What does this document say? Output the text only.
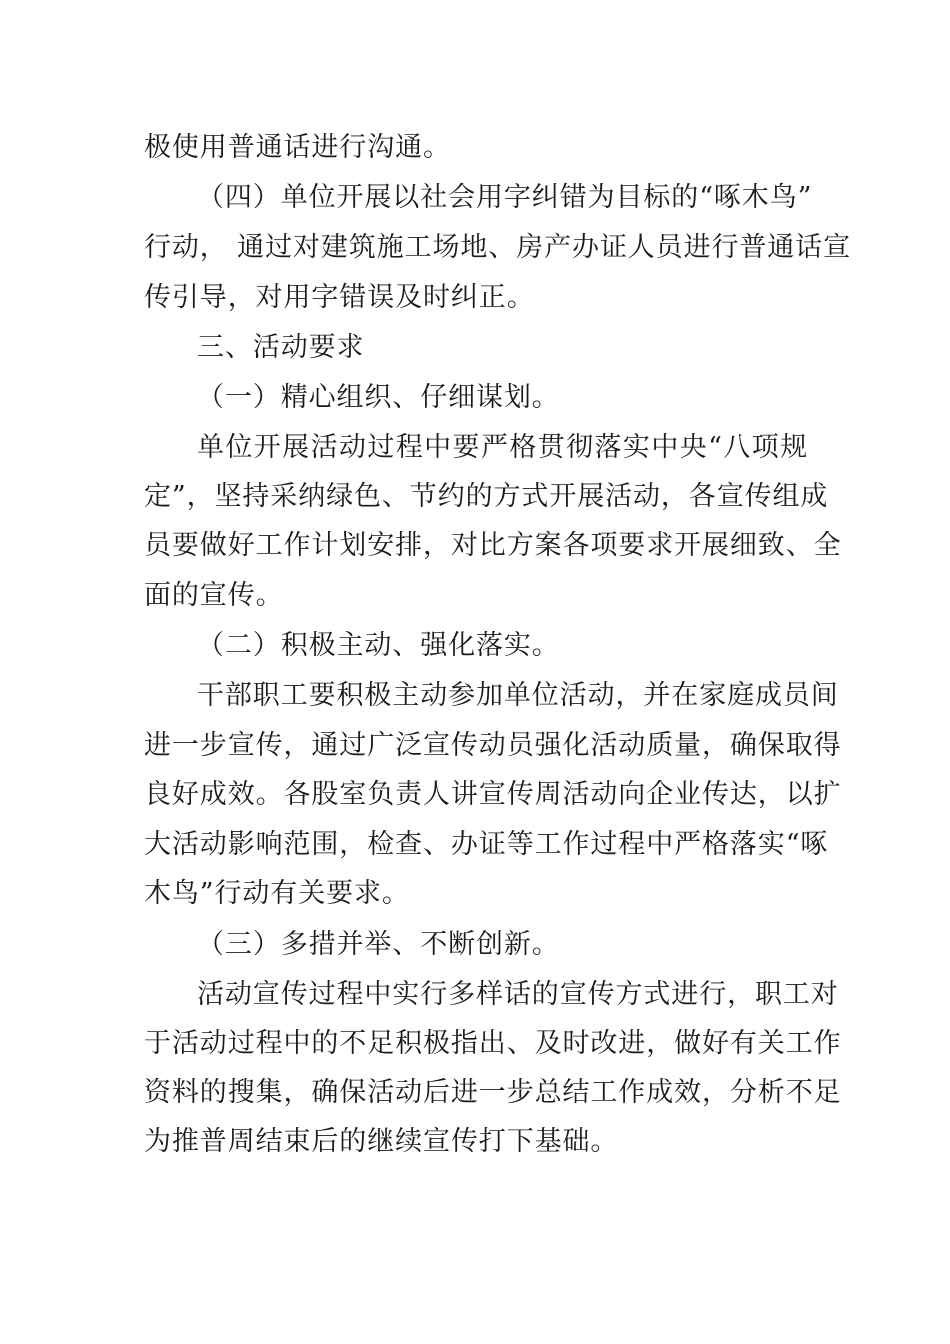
极使用普通话进行沟通。
（四）单位开展以社会用字纠错为目标的“啄木鸟”
行动， 通过对建筑施工场地、房产办证人员进行普通话宣
传引导，对用字错误及时纠正。
三、活动要求
（一）精心组织、仔细谋划。
单位开展活动过程中要严格贯彻落实中央“八项规
定”，坚持采纳绿色、节约的方式开展活动，各宣传组成
员要做好工作计划安排，对比方案各项要求开展细致、全
面的宣传。
（二）积极主动、强化落实。
干部职工要积极主动参加单位活动，并在家庭成员间
进一步宣传，通过广泛宣传动员强化活动质量，确保取得
良好成效。各股室负责人讲宣传周活动向企业传达，以扩
大活动影响范围，检查、办证等工作过程中严格落实“啄
木鸟”行动有关要求。
（三）多措并举、不断创新。
活动宣传过程中实行多样话的宣传方式进行，职工对
于活动过程中的不足积极指出、及时改进，做好有关工作
资料的搜集，确保活动后进一步总结工作成效，分析不足
为推普周结束后的继续宣传打下基础。
